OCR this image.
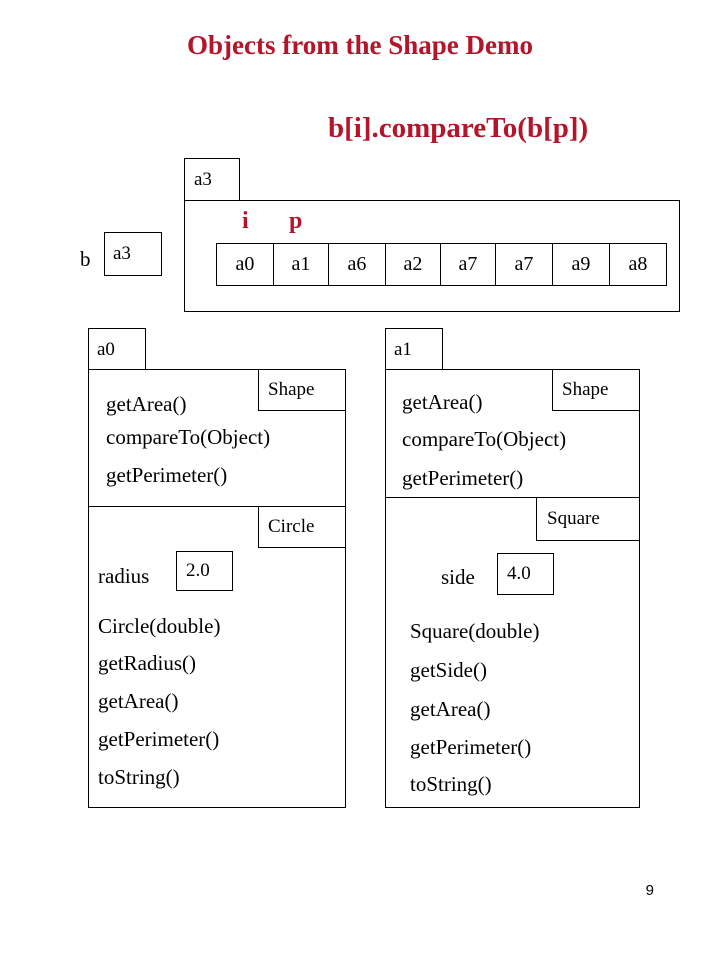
Objects from the Shape Demo
b[i].compareTo(b[p])
b a3
a3
i p
a0	a1	a6	a2	a7	a7	a9	a8
a0
Shape
getArea()
compareTo(Object)
getPerimeter()
Circle
radius 2.0
Circle(double)
getRadius()
getArea()
getPerimeter()
toString()
a1
Shape
getArea()
compareTo(Object)
getPerimeter()
Square
side 4.0
Square(double)
getSide()
getArea()
getPerimeter()
toString()
9
